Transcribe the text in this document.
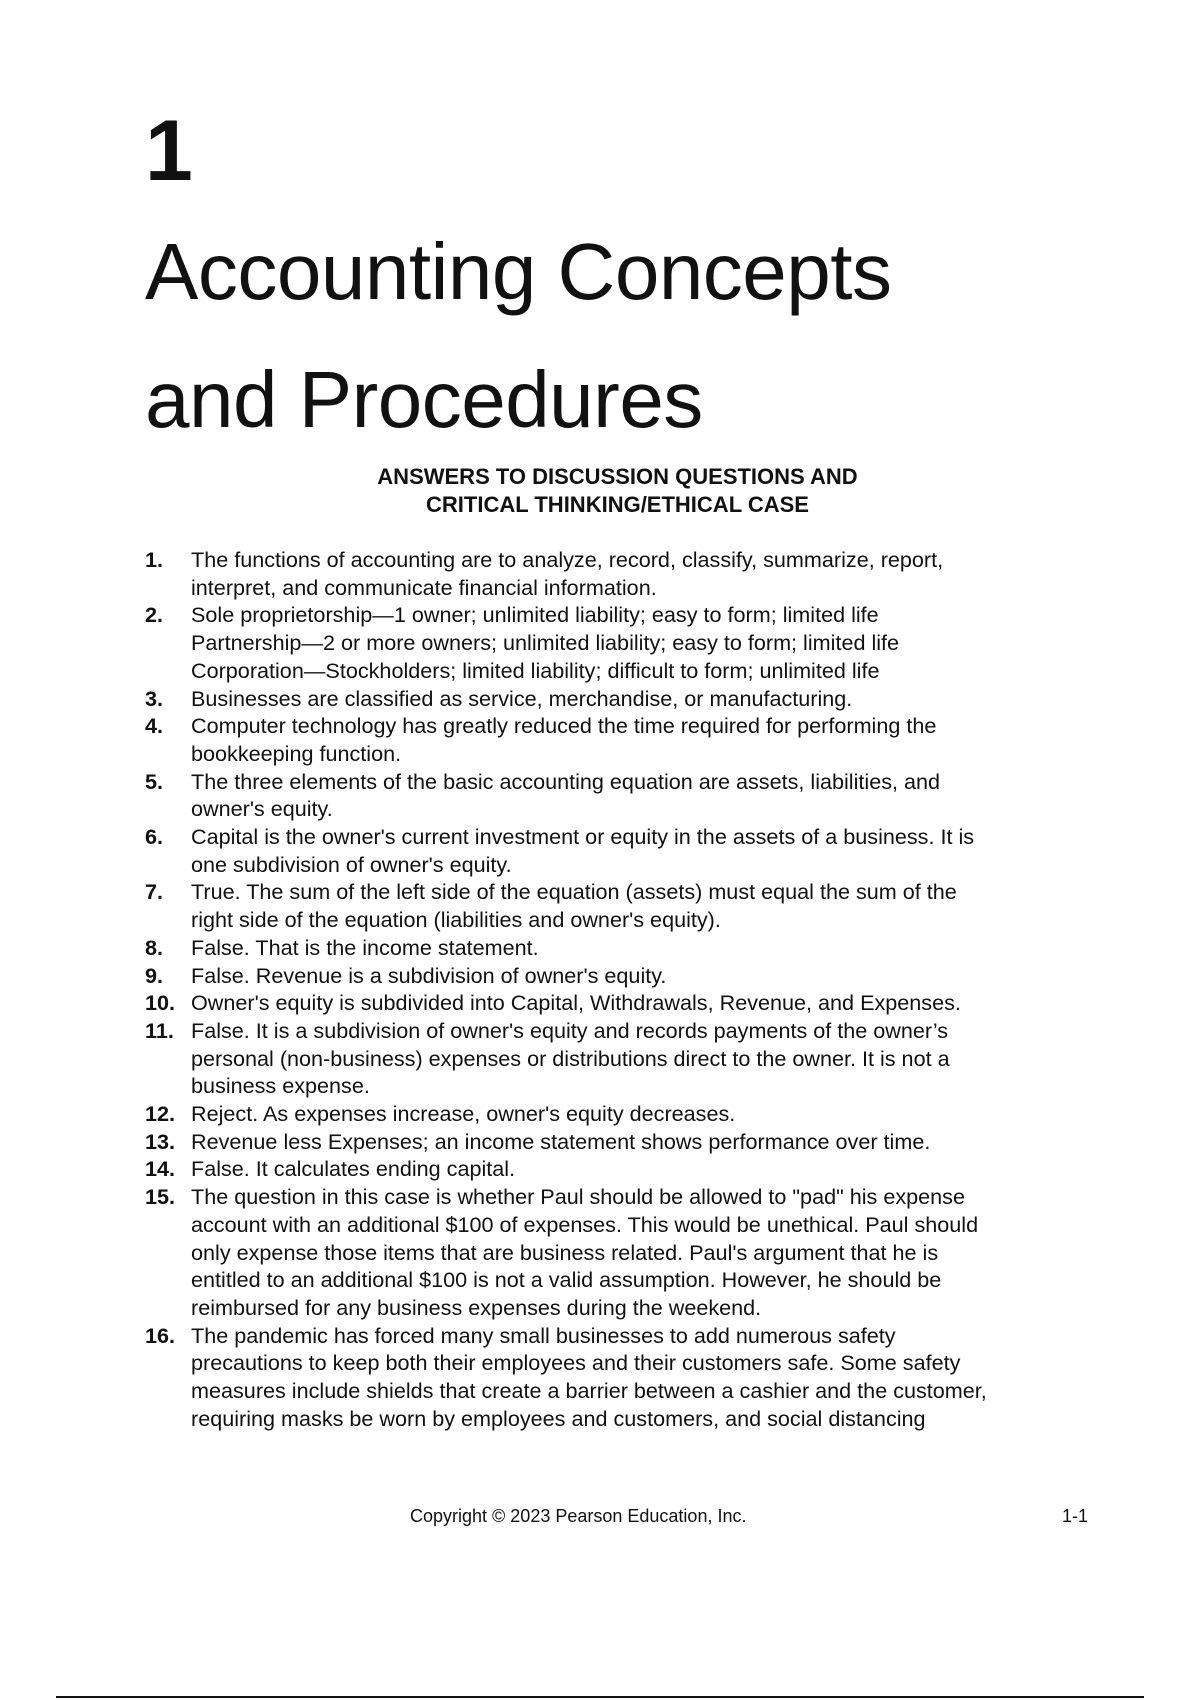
1
Accounting Concepts
and Procedures
ANSWERS TO DISCUSSION QUESTIONS AND
CRITICAL THINKING/ETHICAL CASE
1. The functions of accounting are to analyze, record, classify, summarize, report,
interpret, and communicate financial information.
2. Sole proprietorship—1 owner; unlimited liability; easy to form; limited life
Partnership—2 or more owners; unlimited liability; easy to form; limited life
Corporation—Stockholders; limited liability; difficult to form; unlimited life
3. Businesses are classified as service, merchandise, or manufacturing.
4. Computer technology has greatly reduced the time required for performing the
bookkeeping function.
5. The three elements of the basic accounting equation are assets, liabilities, and
owner's equity.
6. Capital is the owner's current investment or equity in the assets of a business. It is
one subdivision of owner's equity.
7. True. The sum of the left side of the equation (assets) must equal the sum of the
right side of the equation (liabilities and owner's equity).
8. False. That is the income statement.
9. False. Revenue is a subdivision of owner's equity.
10. Owner's equity is subdivided into Capital, Withdrawals, Revenue, and Expenses.
11. False. It is a subdivision of owner's equity and records payments of the owner’s
personal (non-business) expenses or distributions direct to the owner. It is not a
business expense.
12. Reject. As expenses increase, owner's equity decreases.
13. Revenue less Expenses; an income statement shows performance over time.
14. False. It calculates ending capital.
15. The question in this case is whether Paul should be allowed to "pad" his expense
account with an additional $100 of expenses. This would be unethical. Paul should
only expense those items that are business related. Paul's argument that he is
entitled to an additional $100 is not a valid assumption. However, he should be
reimbursed for any business expenses during the weekend.
16. The pandemic has forced many small businesses to add numerous safety
precautions to keep both their employees and their customers safe. Some safety
measures include shields that create a barrier between a cashier and the customer,
requiring masks be worn by employees and customers, and social distancing
Copyright © 2023 Pearson Education, Inc.	1-1
